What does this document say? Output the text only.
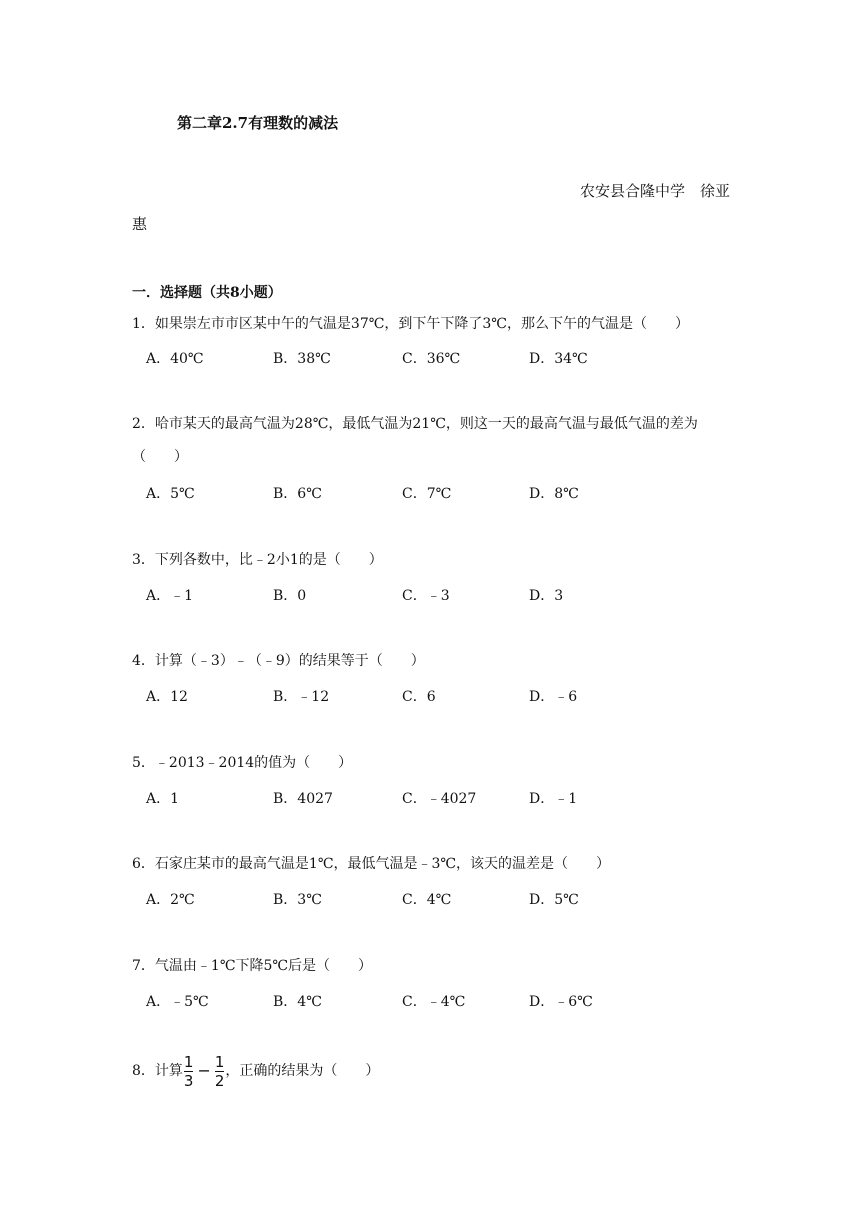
第二章2.7有理数的减法
农安县合隆中学　徐亚
惠
一．选择题（共8小题）
1．如果崇左市市区某中午的气温是37℃，到下午下降了3℃，那么下午的气温是（　　）
A．40℃	B．38℃	C．36℃	D．34℃
2．哈市某天的最高气温为28℃，最低气温为21℃，则这一天的最高气温与最低气温的差为（　　）
A．5℃	B．6℃	C．7℃	D．8℃
3．下列各数中，比﹣2小1的是（　　）
A．﹣1	B．0	C．﹣3	D．3
4．计算（﹣3）﹣（﹣9）的结果等于（　　）
A．12	B．﹣12	C．6	D．﹣6
5．﹣2013﹣2014的值为（　　）
A．1	B．4027	C．﹣4027	D．﹣1
6．石家庄某市的最高气温是1℃，最低气温是﹣3℃，该天的温差是（　　）
A．2℃	B．3℃	C．4℃	D．5℃
7．气温由﹣1℃下降5℃后是（　　）
A．﹣5℃	B．4℃	C．﹣4℃	D．﹣6℃
8．计算 $\frac{1}{3} - \frac{1}{2}$ ，正确的结果为（　　）
